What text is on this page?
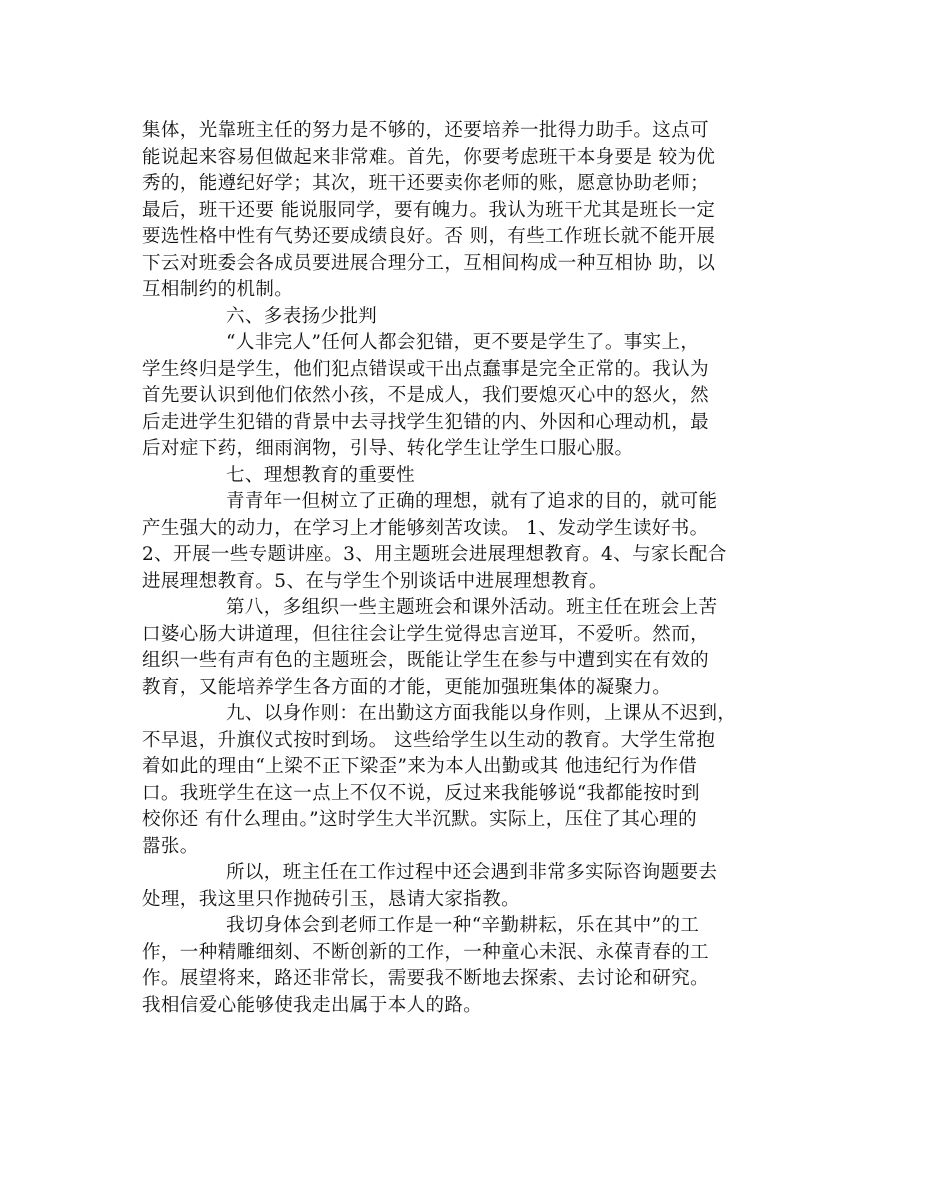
集体，光靠班主任的努力是不够的，还要培养一批得力助手。这点可
能说起来容易但做起来非常难。首先，你要考虑班干本身要是 较为优
秀的，能遵纪好学；其次，班干还要卖你老师的账，愿意协助老师；
最后，班干还要 能说服同学，要有魄力。我认为班干尤其是班长一定
要选性格中性有气势还要成绩良好。否 则，有些工作班长就不能开展
下云对班委会各成员要进展合理分工，互相间构成一种互相协 助，以
互相制约的机制。
六、多表扬少批判
“人非完人”任何人都会犯错，更不要是学生了。事实上，
学生终归是学生，他们犯点错误或干出点蠢事是完全正常的。我认为
首先要认识到他们依然小孩，不是成人，我们要熄灭心中的怒火，然
后走进学生犯错的背景中去寻找学生犯错的内、外因和心理动机，最
后对症下药，细雨润物，引导、转化学生让学生口服心服。
七、理想教育的重要性
青青年一但树立了正确的理想，就有了追求的目的，就可能
产生强大的动力，在学习上才能够刻苦攻读。 1、发动学生读好书。
2、开展一些专题讲座。3、用主题班会进展理想教育。4、与家长配合
进展理想教育。5、在与学生个别谈话中进展理想教育。
第八，多组织一些主题班会和课外活动。班主任在班会上苦
口婆心肠大讲道理，但往往会让学生觉得忠言逆耳，不爱听。然而，
组织一些有声有色的主题班会，既能让学生在参与中遭到实在有效的
教育，又能培养学生各方面的才能，更能加强班集体的凝聚力。
九、以身作则：在出勤这方面我能以身作则，上课从不迟到，
不早退，升旗仪式按时到场。 这些给学生以生动的教育。大学生常抱
着如此的理由“上梁不正下梁歪”来为本人出勤或其 他违纪行为作借
口。我班学生在这一点上不仅不说，反过来我能够说“我都能按时到
校你还 有什么理由。”这时学生大半沉默。实际上，压住了其心理的
嚣张。
所以，班主任在工作过程中还会遇到非常多实际咨询题要去
处理，我这里只作抛砖引玉，恳请大家指教。
我切身体会到老师工作是一种“辛勤耕耘，乐在其中”的工
作，一种精雕细刻、不断创新的工作，一种童心未泯、永葆青春的工
作。展望将来，路还非常长，需要我不断地去探索、去讨论和研究。
我相信爱心能够使我走出属于本人的路。
